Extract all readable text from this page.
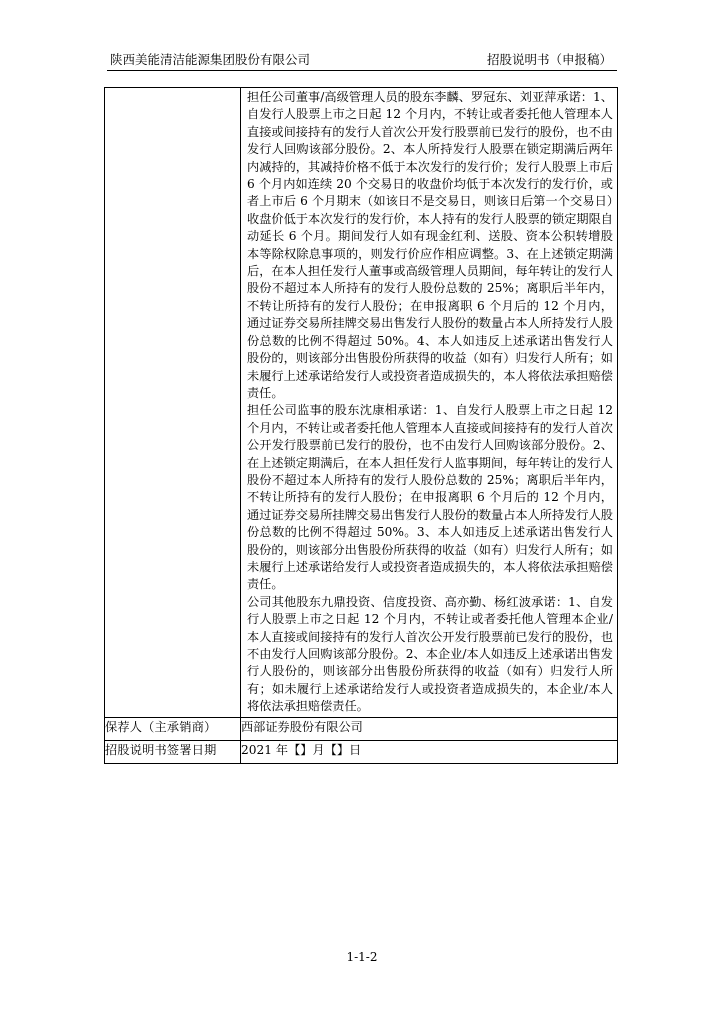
陕西美能清洁能源集团股份有限公司	招股说明书（申报稿）

	担任公司董事/高级管理人员的股东李麟、罗冠东、刘亚萍承诺：1、自发行人股票上市之日起 12 个月内，不转让或者委托他人管理本人直接或间接持有的发行人首次公开发行股票前已发行的股份，也不由发行人回购该部分股份。2、本人所持发行人股票在锁定期满后两年内减持的，其减持价格不低于本次发行的发行价；发行人股票上市后 6 个月内如连续 20 个交易日的收盘价均低于本次发行的发行价，或者上市后 6 个月期末（如该日不是交易日，则该日后第一个交易日）收盘价低于本次发行的发行价，本人持有的发行人股票的锁定期限自动延长 6 个月。期间发行人如有现金红利、送股、资本公积转增股本等除权除息事项的，则发行价应作相应调整。3、在上述锁定期满后，在本人担任发行人董事或高级管理人员期间，每年转让的发行人股份不超过本人所持有的发行人股份总数的 25%；离职后半年内，不转让所持有的发行人股份；在申报离职 6 个月后的 12 个月内，通过证券交易所挂牌交易出售发行人股份的数量占本人所持发行人股份总数的比例不得超过 50%。4、本人如违反上述承诺出售发行人股份的，则该部分出售股份所获得的收益（如有）归发行人所有；如未履行上述承诺给发行人或投资者造成损失的，本人将依法承担赔偿责任。

担任公司监事的股东沈康相承诺：1、自发行人股票上市之日起 12 个月内，不转让或者委托他人管理本人直接或间接持有的发行人首次公开发行股票前已发行的股份，也不由发行人回购该部分股份。2、在上述锁定期满后，在本人担任发行人监事期间，每年转让的发行人股份不超过本人所持有的发行人股份总数的 25%；离职后半年内，不转让所持有的发行人股份；在申报离职 6 个月后的 12 个月内，通过证券交易所挂牌交易出售发行人股份的数量占本人所持发行人股份总数的比例不得超过 50%。3、本人如违反上述承诺出售发行人股份的，则该部分出售股份所获得的收益（如有）归发行人所有；如未履行上述承诺给发行人或投资者造成损失的，本人将依法承担赔偿责任。

公司其他股东九鼎投资、信度投资、高亦勤、杨红波承诺：1、自发行人股票上市之日起 12 个月内，不转让或者委托他人管理本企业/本人直接或间接持有的发行人首次公开发行股票前已发行的股份，也不由发行人回购该部分股份。2、本企业/本人如违反上述承诺出售发行人股份的，则该部分出售股份所获得的收益（如有）归发行人所有；如未履行上述承诺给发行人或投资者造成损失的，本企业/本人将依法承担赔偿责任。

保荐人（主承销商）	西部证券股份有限公司
招股说明书签署日期	2021 年【】月【】日
1-1-2
